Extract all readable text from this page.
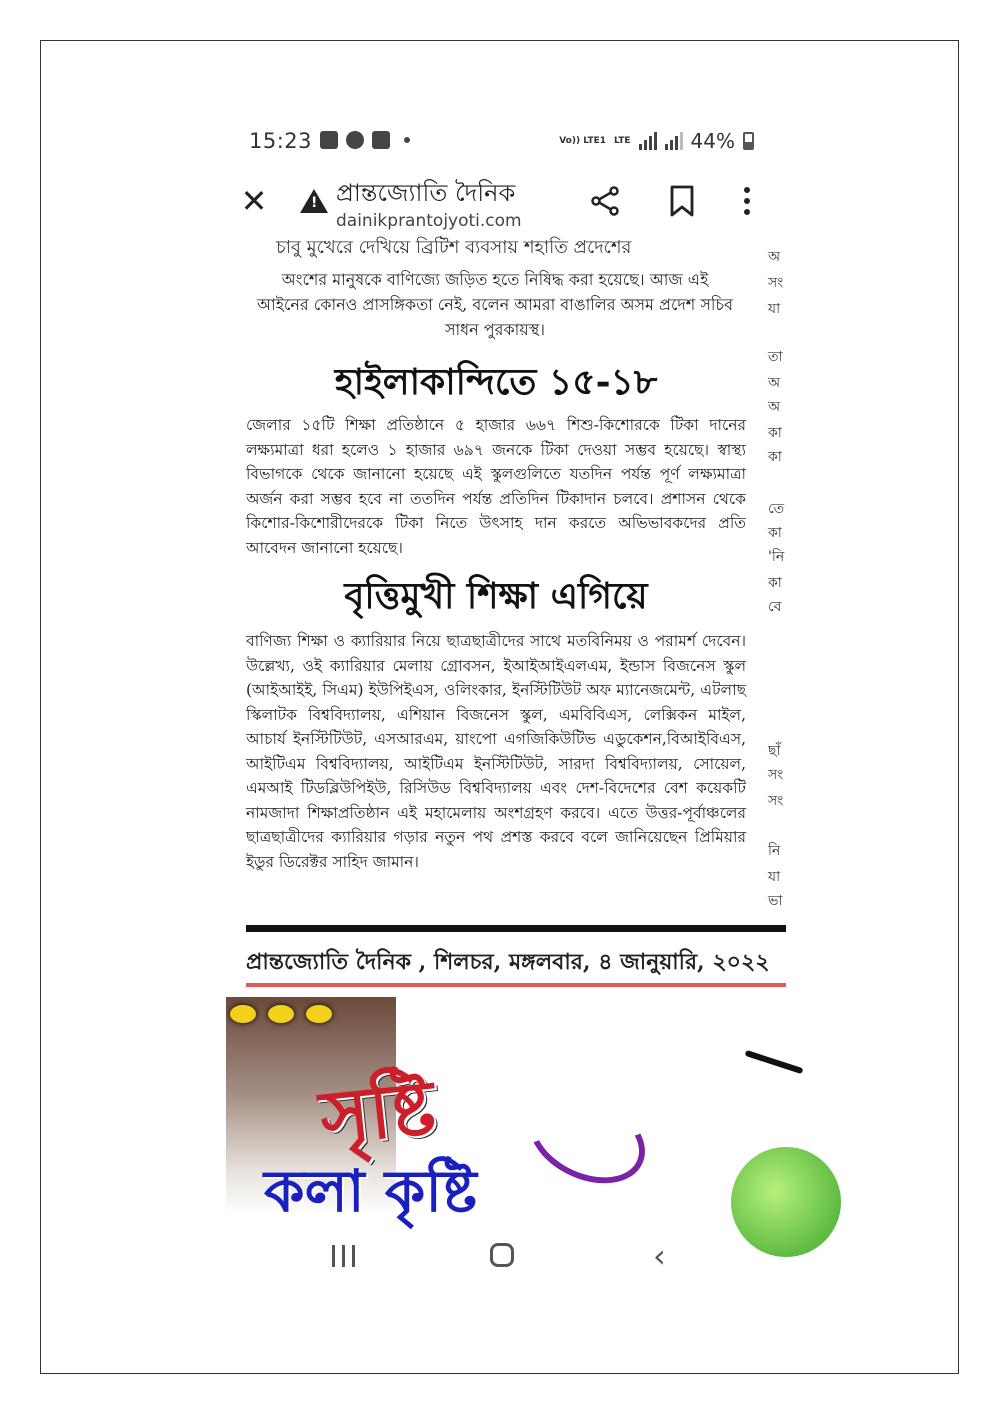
15:23	Vo)) LTE1 LTE	44%
✕	! প্রান্তজ্যোতি দৈনিক
dainikprantojyoti.com
চাবু মুখেরে দেখিয়ে ব্রিটিশ ব্যবসায় শহাতি প্রদেশের
অংশের মানুষকে বাণিজ্যে জড়িত হতে নিষিদ্ধ করা হয়েছে। আজ এই আইনের কোনও প্রাসঙ্গিকতা নেই, বলেন আমরা বাঙালির অসম প্রদেশ সচিব সাধন পুরকায়স্থ।
হাইলাকান্দিতে ১৫-১৮
জেলার ১৫টি শিক্ষা প্রতিষ্ঠানে ৫ হাজার ৬৬৭ শিশু-কিশোরকে টিকা দানের লক্ষ্যমাত্রা ধরা হলেও ১ হাজার ৬৯৭ জনকে টিকা দেওয়া সম্ভব হয়েছে। স্বাস্থ্য বিভাগকে থেকে জানানো হয়েছে এই স্কুলগুলিতে যতদিন পর্যন্ত পূর্ণ লক্ষ্যমাত্রা অর্জন করা সম্ভব হবে না ততদিন পর্যন্ত প্রতিদিন টিকাদান চলবে। প্রশাসন থেকে কিশোর-কিশোরীদেরকে টিকা নিতে উৎসাহ দান করতে অভিভাবকদের প্রতি আবেদন জানানো হয়েছে।
বৃত্তিমুখী শিক্ষা এগিয়ে
বাণিজ্য শিক্ষা ও ক্যারিয়ার নিয়ে ছাত্রছাত্রীদের সাথে মতবিনিময় ও পরামর্শ দেবেন। উল্লেখ্য, ওই ক্যারিয়ার মেলায় গ্রোবসন, ইআইআইএলএম, ইন্ডাস বিজনেস স্কুল (আইআইই, সিএম) ইউপিইএস, ওলিংকার, ইনস্টিটিউট অফ ম্যানেজমেন্ট, এটলাছ স্কিলাটক বিশ্ববিদ্যালয়, এশিয়ান বিজনেস স্কুল, এমবিবিএস, লেক্সিকন মাইল, আচার্য ইনস্টিটিউট, এসআরএম, য়াংপো এগজিকিউটিভ এডুকেশন,বিআইবিএস, আইটিএম বিশ্ববিদ্যালয়, আইটিএম ইনস্টিটিউট, সারদা বিশ্ববিদ্যালয়, সোয়েল, এমআই টিডব্লিউপিইউ, রিসিউড বিশ্ববিদ্যালয় এবং দেশ-বিদেশের বেশ কয়েকটি নামজাদা শিক্ষাপ্রতিষ্ঠান এই মহামেলায় অংশগ্রহণ করবে। এতে উত্তর-পূর্বাঞ্চলের ছাত্রছাত্রীদের ক্যারিয়ার গড়ার নতুন পথ প্রশস্ত করবে বলে জানিয়েছেন প্রিমিয়ার ইডুর ডিরেক্টর সাহিদ জামান।
প্রান্তজ্যোতি দৈনিক , শিলচর, মঙ্গলবার, ৪ জানুয়ারি, ২০২২
অ
সং
যা
তা
অ
অ
কা
কা
তে
কা
'নি
কা
বে
ছাঁ
সং
সং
নি
যা
ভা
সৃষ্টি
কলা কৃষ্টি
‹
